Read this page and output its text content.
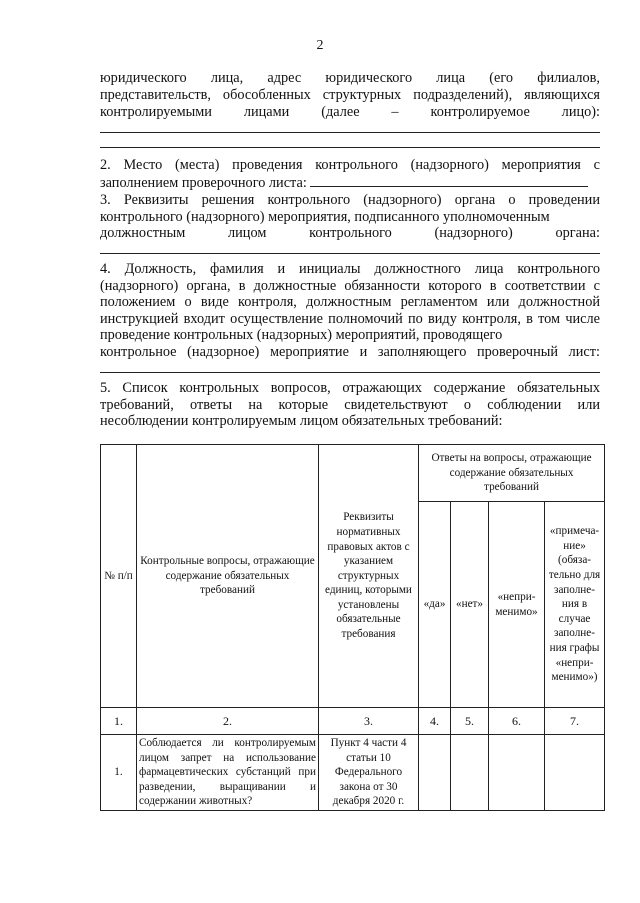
2
юридического лица, адрес юридического лица (его филиалов,
представительств, обособленных структурных подразделений), являющихся
контролируемыми лицами (далее – контролируемое лицо):
2. Место (места) проведения контрольного (надзорного) мероприятия с
заполнением проверочного листа:
3. Реквизиты решения контрольного (надзорного) органа о проведении контрольного (надзорного) мероприятия, подписанного уполномоченным
должностным лицом контрольного (надзорного) органа:
4. Должность, фамилия и инициалы должностного лица контрольного (надзорного) органа, в должностные обязанности которого в соответствии с положением о виде контроля, должностным регламентом или должностной инструкцией входит осуществление полномочий по виду контроля, в том числе проведение контрольных (надзорных) мероприятий, проводящего
контрольное (надзорное) мероприятие и заполняющего проверочный лист:
5. Список контрольных вопросов, отражающих содержание обязательных требований, ответы на которые свидетельствуют о соблюдении или несоблюдении контролируемым лицом обязательных требований:
№ п/п	Контрольные вопросы, отражающие содержание обязательных требований	Реквизиты нормативных правовых актов с указанием структурных единиц, которыми установлены обязательные требования	Ответы на вопросы, отражающие содержание обязательных требований			
			«да»	«нет»	«непри-менимо»	«примеча-ние» (обяза-тельно для заполне-ния в случае заполне-ния графы «непри-менимо»)
1.	2.	3.	4.	5.	6.	7.
1.	Соблюдается ли контролируемым лицом запрет на использование фармацевтических субстанций при разведении, выращивании и содержании животных?	Пункт 4 части 4 статьи 10 Федерального закона от 30 декабря 2020 г.				
